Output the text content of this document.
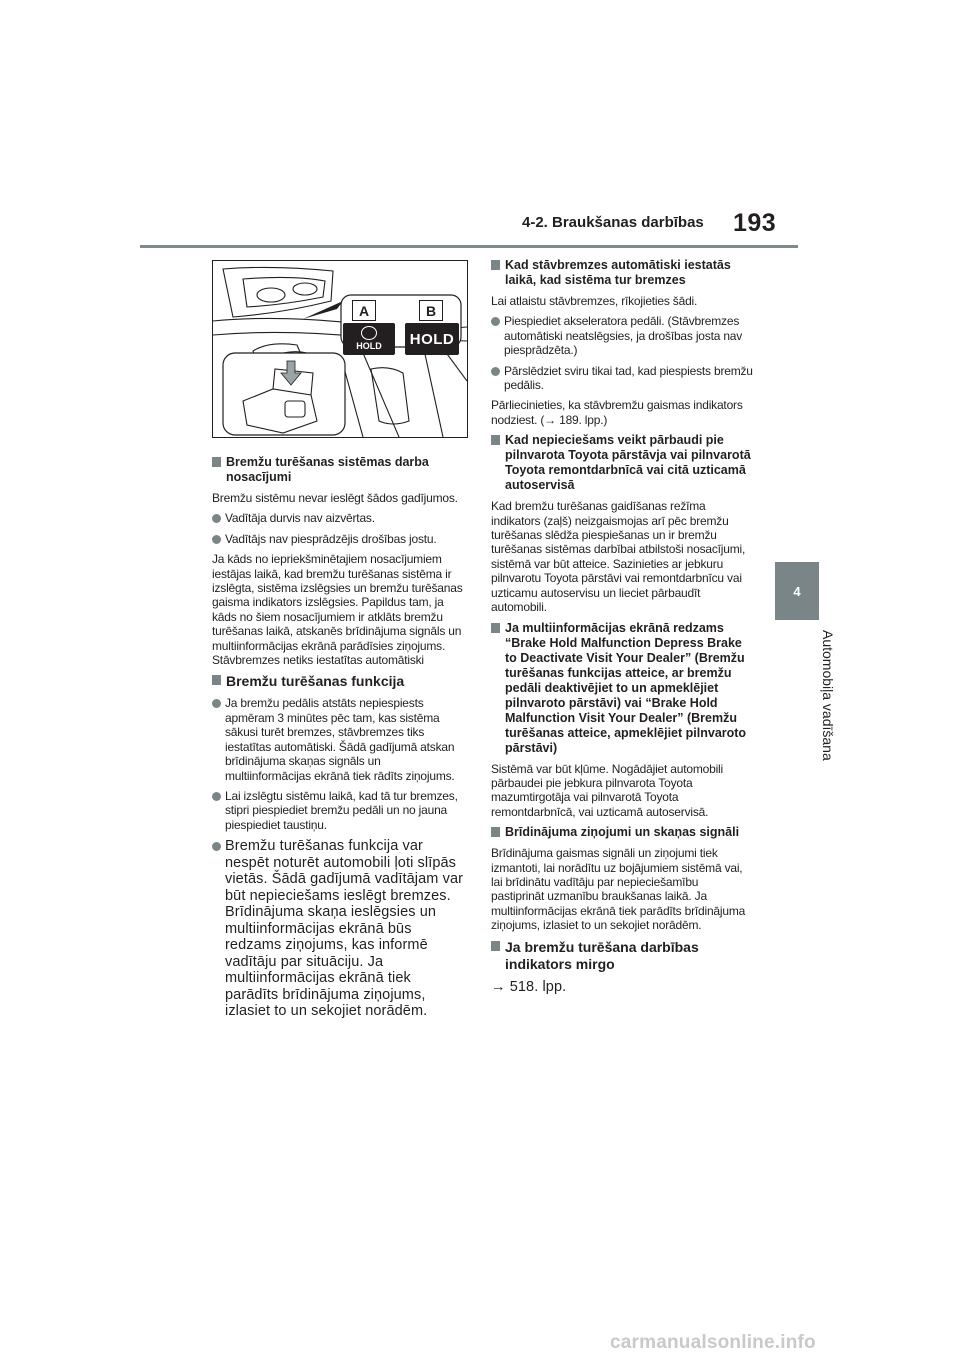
4-2. Braukšanas darbības 193
4
Automobiļa vadīšana
A	B
HOLD	HOLD
Bremžu turēšanas sistēmas darba nosacījumi
Bremžu sistēmu nevar ieslēgt šādos gadījumos.
Vadītāja durvis nav aizvērtas.
Vadītājs nav piesprādzējis drošības jostu.
Ja kāds no iepriekšminētajiem nosacījumiem iestājas laikā, kad bremžu turēšanas sistēma ir izslēgta, sistēma izslēgsies un bremžu turēšanas gaisma indikators izslēgsies. Papildus tam, ja kāds no šiem nosacījumiem ir atklāts bremžu turēšanas laikā, atskanēs brīdinājuma signāls un multiinformācijas ekrānā parādīsies ziņojums. Stāvbremzes netiks iestatītas automātiski
Bremžu turēšanas funkcija
Ja bremžu pedālis atstāts nepiespiests apmēram 3 minūtes pēc tam, kas sistēma sākusi turēt bremzes, stāvbremzes tiks iestatītas automātiski. Šādā gadījumā atskan brīdinājuma skaņas signāls un multiinformācijas ekrānā tiek rādīts ziņojums.
Lai izslēgtu sistēmu laikā, kad tā tur bremzes, stipri piespiediet bremžu pedāli un no jauna piespiediet taustiņu.
Bremžu turēšanas funkcija var nespēt noturēt automobili ļoti slīpās vietās. Šādā gadījumā vadītājam var būt nepieciešams ieslēgt bremzes. Brīdinājuma skaņa ieslēgsies un multiinformācijas ekrānā būs redzams ziņojums, kas informē vadītāju par situāciju. Ja multiinformācijas ekrānā tiek parādīts brīdinājuma ziņojums, izlasiet to un sekojiet norādēm.
Kad stāvbremzes automātiski iestatās laikā, kad sistēma tur bremzes
Lai atlaistu stāvbremzes, rīkojieties šādi.
Piespiediet akseleratora pedāli. (Stāvbremzes automātiski neatslēgsies, ja drošības josta nav piesprādzēta.)
Pārslēdziet sviru tikai tad, kad piespiests bremžu pedālis.
Pārliecinieties, ka stāvbremžu gaismas indikators nodziest. (→ 189. lpp.)
Kad nepieciešams veikt pārbaudi pie pilnvarota Toyota pārstāvja vai pilnvarotā Toyota remontdarbnīcā vai citā uzticamā autoservisā
Kad bremžu turēšanas gaidīšanas režīma indikators (zaļš) neizgaismojas arī pēc bremžu turēšanas slēdža piespiešanas un ir bremžu turēšanas sistēmas darbībai atbilstoši nosacījumi, sistēmā var būt atteice. Sazinieties ar jebkuru pilnvarotu Toyota pārstāvi vai remontdarbnīcu vai uzticamu autoservisu un lieciet pārbaudīt automobili.
Ja multiinformācijas ekrānā redzams “Brake Hold Malfunction Depress Brake to Deactivate Visit Your Dealer” (Bremžu turēšanas funkcijas atteice, ar bremžu pedāli deaktivējiet to un apmeklējiet pilnvaroto pārstāvi) vai “Brake Hold Malfunction Visit Your Dealer” (Bremžu turēšanas atteice, apmeklējiet pilnvaroto pārstāvi)
Sistēmā var būt kļūme. Nogādājiet automobili pārbaudei pie jebkura pilnvarota Toyota mazumtirgotāja vai pilnvarotā Toyota remontdarbnīcā, vai uzticamā autoservisā.
Brīdinājuma ziņojumi un skaņas signāli
Brīdinājuma gaismas signāli un ziņojumi tiek izmantoti, lai norādītu uz bojājumiem sistēmā vai, lai brīdinātu vadītāju par nepieciešamību pastiprināt uzmanību braukšanas laikā. Ja multiinformācijas ekrānā tiek parādīts brīdinājuma ziņojums, izlasiet to un sekojiet norādēm.
Ja bremžu turēšana darbības indikators mirgo
→ 518. lpp.
carmanualsonline.info
